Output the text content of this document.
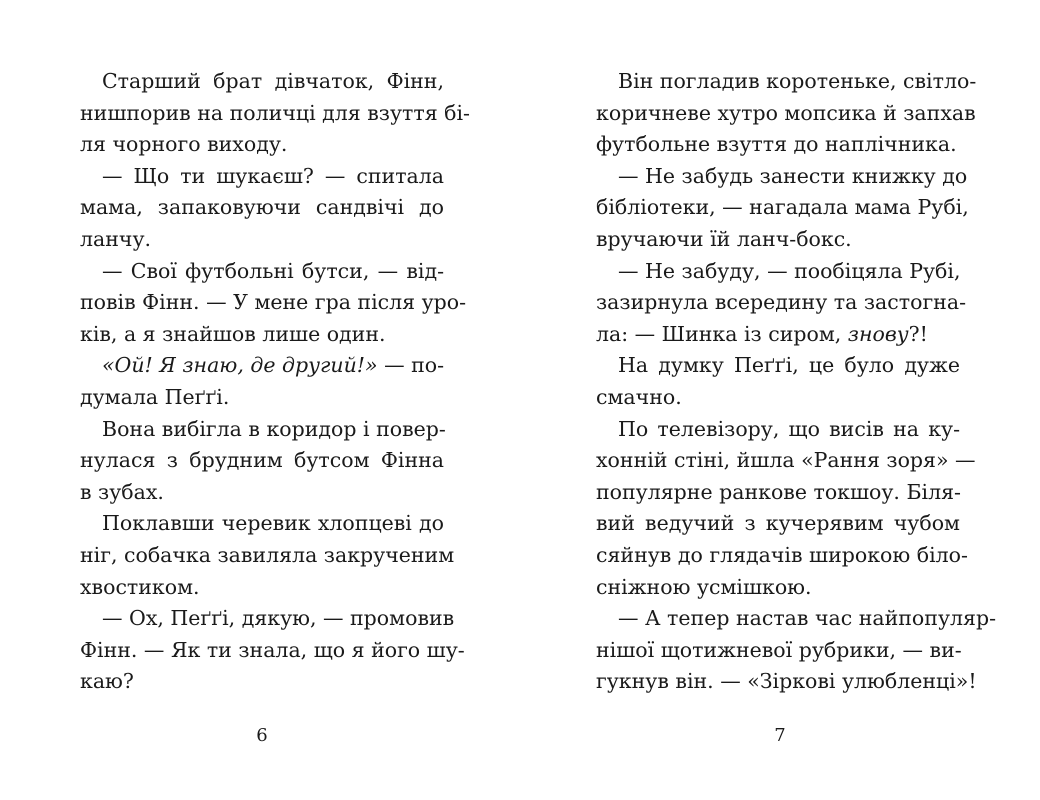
Старший брат дівчаток, Фінн,
нишпорив на поличці для взуття бі-
ля чорного виходу.

— Що ти шукаєш? — спитала
мама, запаковуючи сандвічі до
ланчу.

— Свої футбольні бутси, — від-
повів Фінн. — У мене гра після уро-
ків, а я знайшов лише один.

«Ой! Я знаю, де другий!» — по-
думала Пеґґі.

Вона вибігла в коридор і повер-
нулася з брудним бутсом Фінна
в зубах.

Поклавши черевик хлопцеві до
ніг, собачка завиляла закрученим
хвостиком.

— Ох, Пеґґі, дякую, — промовив
Фінн. — Як ти знала, що я його шу-
каю?

Він погладив коротеньке, світло-
коричневе хутро мопсика й запхав
футбольне взуття до наплічника.

— Не забудь занести книжку до
бібліотеки, — нагадала мама Рубі,
вручаючи їй ланч-бокс.

— Не забуду, — пообіцяла Рубі,
зазирнула всередину та застогна-
ла: — Шинка із сиром, знову?!

На думку Пеґґі, це було дуже
смачно.

По телевізору, що висів на ку-
хонній стіні, йшла «Рання зоря» —
популярне ранкове токшоу. Біля-
вий ведучий з кучерявим чубом
сяйнув до глядачів широкою біло-
сніжною усмішкою.

— А тепер настав час найпопуляр-
нішої щотижневої рубрики, — ви-
гукнув він. — «Зіркові улюбленці»!

6	7
